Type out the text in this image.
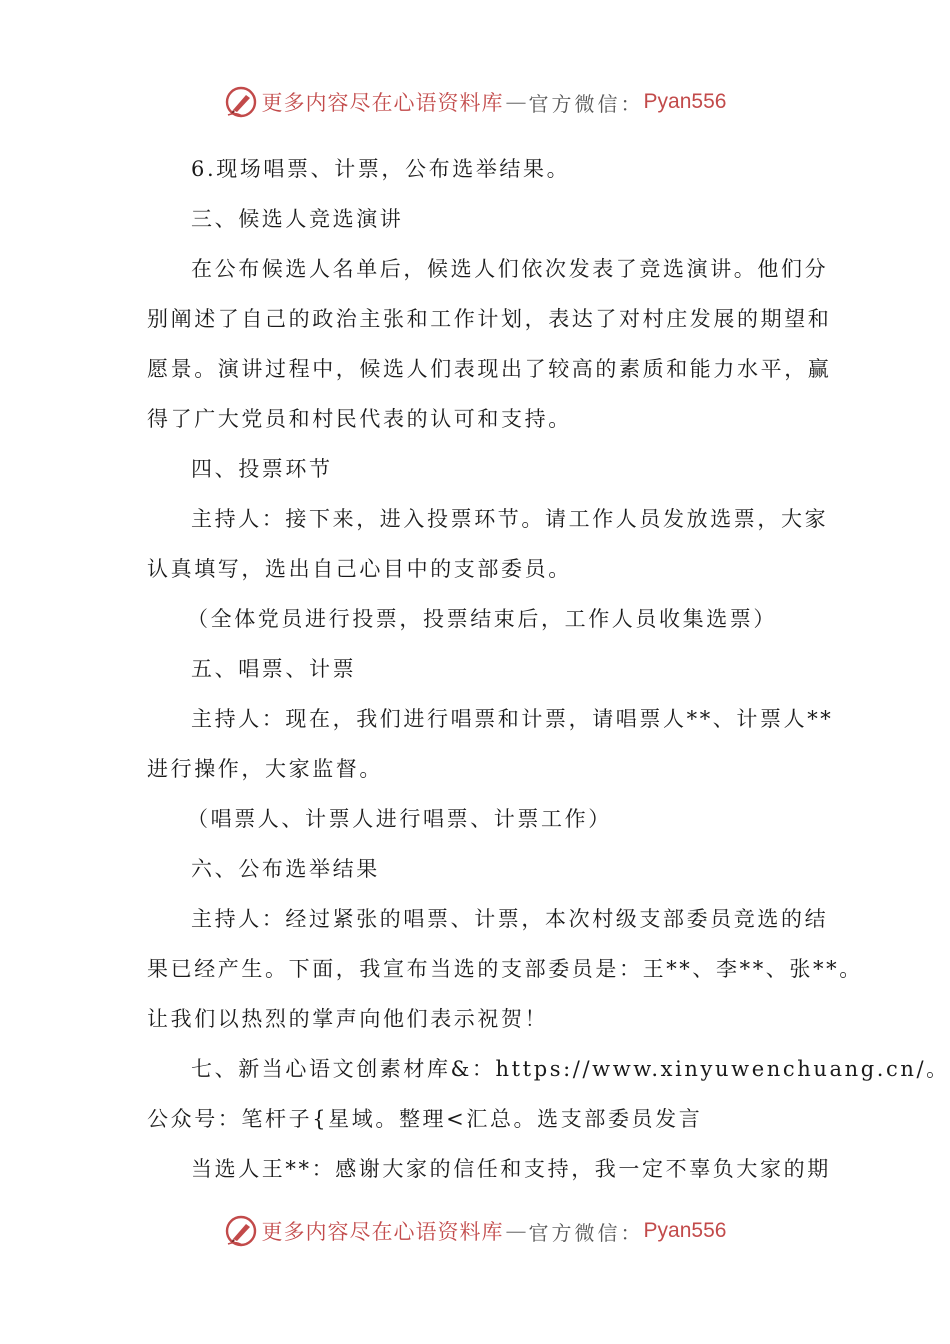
更多内容尽在心语资料库 — 官方微信： Pyan556
6.现场唱票、计票，公布选举结果。
三、候选人竞选演讲
在公布候选人名单后，候选人们依次发表了竞选演讲。他们分
别阐述了自己的政治主张和工作计划，表达了对村庄发展的期望和
愿景。演讲过程中，候选人们表现出了较高的素质和能力水平，赢
得了广大党员和村民代表的认可和支持。
四、投票环节
主持人：接下来，进入投票环节。请工作人员发放选票，大家
认真填写，选出自己心目中的支部委员。
（全体党员进行投票，投票结束后，工作人员收集选票）
五、唱票、计票
主持人：现在，我们进行唱票和计票，请唱票人**、计票人**
进行操作，大家监督。
（唱票人、计票人进行唱票、计票工作）
六、公布选举结果
主持人：经过紧张的唱票、计票，本次村级支部委员竞选的结
果已经产生。下面，我宣布当选的支部委员是：王**、李**、张**。
让我们以热烈的掌声向他们表示祝贺！
七、新当心语文创素材库&：https://www.xinyuwenchuang.cn/。
公众号：笔杆子{星域。整理<汇总。选支部委员发言
当选人王**：感谢大家的信任和支持，我一定不辜负大家的期
更多内容尽在心语资料库 — 官方微信： Pyan556
